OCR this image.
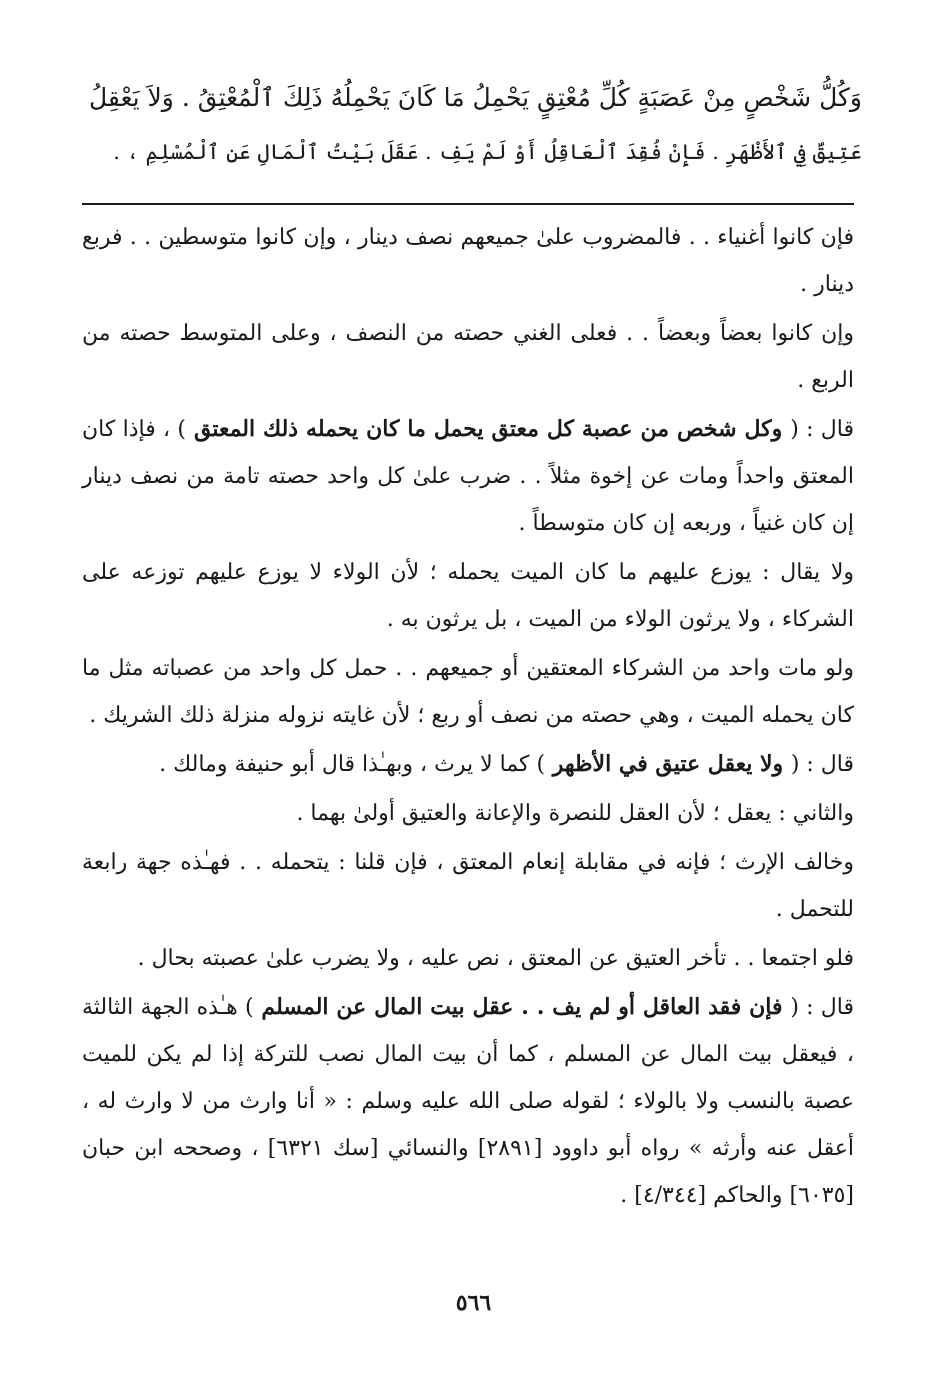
وَكُلُّ شَخْصٍ مِنْ عَصَبَةٍ كُلِّ مُعْتِقٍ يَحْمِلُ مَا كَانَ يَحْمِلُهُ ذَلِكَ ٱلْمُعْتِقُ . وَلاَ يَعْقِلُ
عَتِيقٌ فِي ٱلأَظْهَرِ . فَإِنْ فُقِدَ ٱلْعَاقِلُ أَوْ لَمْ يَفِ . عَقَلَ بَيْتُ ٱلْمَالِ عَنِ ٱلْمُسْلِمِ ، .

فإن كانوا أغنياء . . فالمضروب علىٰ جميعهم نصف دينار ، وإن كانوا متوسطين . . فربع دينار .

وإن كانوا بعضاً وبعضاً . . فعلى الغني حصته من النصف ، وعلى المتوسط حصته من الربع .

قال : ( وكل شخص من عصبة كل معتق يحمل ما كان يحمله ذلك المعتق ) ، فإذا كان المعتق واحداً ومات عن إخوة مثلاً . . ضرب علىٰ كل واحد حصته تامة من نصف دينار إن كان غنياً ، وربعه إن كان متوسطاً .

ولا يقال : يوزع عليهم ما كان الميت يحمله ؛ لأن الولاء لا يوزع عليهم توزعه على الشركاء ، ولا يرثون الولاء من الميت ، بل يرثون به .

ولو مات واحد من الشركاء المعتقين أو جميعهم . . حمل كل واحد من عصباته مثل ما كان يحمله الميت ، وهي حصته من نصف أو ربع ؛ لأن غايته نزوله منزلة ذلك الشريك .

قال : ( ولا يعقل عتيق في الأظهر ) كما لا يرث ، وبهـٰذا قال أبو حنيفة ومالك .

والثاني : يعقل ؛ لأن العقل للنصرة والإعانة والعتيق أولىٰ بهما .

وخالف الإرث ؛ فإنه في مقابلة إنعام المعتق ، فإن قلنا : يتحمله . . فهـٰذه جهة رابعة للتحمل .

فلو اجتمعا . . تأخر العتيق عن المعتق ، نص عليه ، ولا يضرب علىٰ عصبته بحال .

قال : ( فإن فقد العاقل أو لم يف . . عقل بيت المال عن المسلم ) هـٰذه الجهة الثالثة ، فيعقل بيت المال عن المسلم ، كما أن بيت المال نصب للتركة إذا لم يكن للميت عصبة بالنسب ولا بالولاء ؛ لقوله صلى الله عليه وسلم : « أنا وارث من لا وارث له ، أعقل عنه وأرثه » رواه أبو داوود [٢٨٩١] والنسائي [سك ٦٣٢١] ، وصححه ابن حبان [٦٠٣٥] والحاكم [٤/٣٤٤] .

٥٦٦
